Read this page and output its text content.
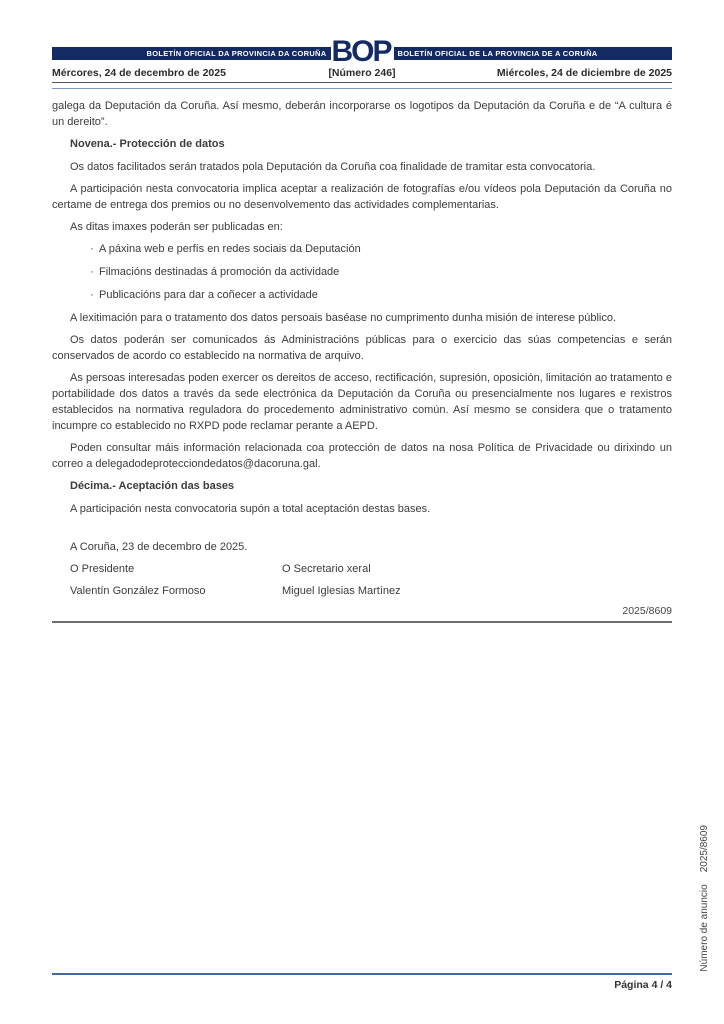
BOLETÍN OFICIAL DA PROVINCIA DA CORUÑA BOP BOLETÍN OFICIAL DE LA PROVINCIA DE A CORUÑA
Mércores, 24 de decembro de 2025	[Número 246]	Miércoles, 24 de diciembre de 2025

galega da Deputación da Coruña. Así mesmo, deberán incorporarse os logotipos da Deputación da Coruña e de “A cultura é un dereito”.

Novena.- Protección de datos

Os datos facilitados serán tratados pola Deputación da Coruña coa finalidade de tramitar esta convocatoria.

A participación nesta convocatoria implica aceptar a realización de fotografías e/ou vídeos pola Deputación da Coruña no certame de entrega dos premios ou no desenvolvemento das actividades complementarias.

As ditas imaxes poderán ser publicadas en:

· A páxina web e perfís en redes sociais da Deputación
· Filmacións destinadas á promoción da actividade
· Publicacións para dar a coñecer a actividade

A lexitimación para o tratamento dos datos persoais baséase no cumprimento dunha misión de interese público.

Os datos poderán ser comunicados ás Administracións públicas para o exercicio das súas competencias e serán conservados de acordo co establecido na normativa de arquivo.

As persoas interesadas poden exercer os dereitos de acceso, rectificación, supresión, oposición, limitación ao tratamento e portabilidade dos datos a través da sede electrónica da Deputación da Coruña ou presencialmente nos lugares e rexistros establecidos na normativa reguladora do procedemento administrativo común. Así mesmo se considera que o tratamento incumpre co establecido no RXPD pode reclamar perante a AEPD.

Poden consultar máis información relacionada coa protección de datos na nosa Política de Privacidade ou dirixindo un correo a delegadodeprotecciondedatos@dacoruna.gal.

Décima.- Aceptación das bases

A participación nesta convocatoria supón a total aceptación destas bases.

A Coruña, 23 de decembro de 2025.

O Presidente	O Secretario xeral
Valentín González Formoso	Miguel Iglesias Martínez
2025/8609
Página 4 / 4
Número de anuncio2025/8609
